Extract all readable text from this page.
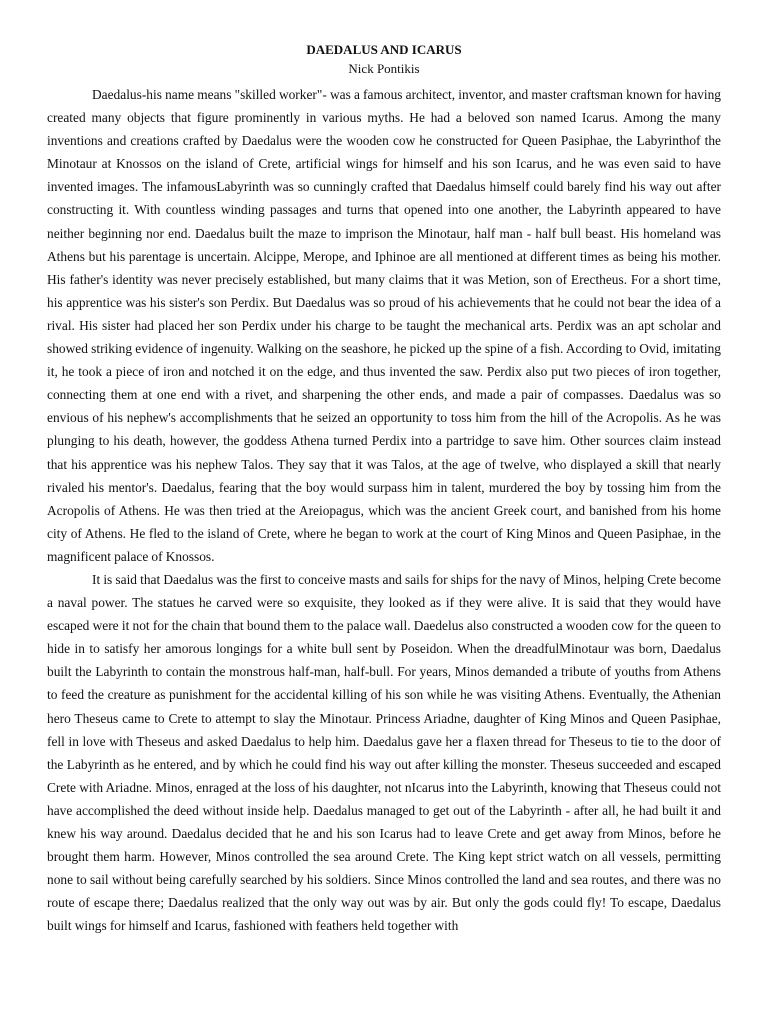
DAEDALUS AND ICARUS
Nick Pontikis

Daedalus-his name means "skilled worker"- was a famous architect, inventor, and master craftsman known for having created many objects that figure prominently in various myths. He had a beloved son named Icarus. Among the many inventions and creations crafted by Daedalus were the wooden cow he constructed for Queen Pasiphae, the Labyrinthof the Minotaur at Knossos on the island of Crete, artificial wings for himself and his son Icarus, and he was even said to have invented images. The infamousLabyrinth was so cunningly crafted that Daedalus himself could barely find his way out after constructing it. With countless winding passages and turns that opened into one another, the Labyrinth appeared to have neither beginning nor end. Daedalus built the maze to imprison the Minotaur, half man - half bull beast. His homeland was Athens but his parentage is uncertain. Alcippe, Merope, and Iphinoe are all mentioned at different times as being his mother. His father's identity was never precisely established, but many claims that it was Metion, son of Erectheus. For a short time, his apprentice was his sister's son Perdix. But Daedalus was so proud of his achievements that he could not bear the idea of a rival. His sister had placed her son Perdix under his charge to be taught the mechanical arts. Perdix was an apt scholar and showed striking evidence of ingenuity. Walking on the seashore, he picked up the spine of a fish. According to Ovid, imitating it, he took a piece of iron and notched it on the edge, and thus invented the saw. Perdix also put two pieces of iron together, connecting them at one end with a rivet, and sharpening the other ends, and made a pair of compasses. Daedalus was so envious of his nephew's accomplishments that he seized an opportunity to toss him from the hill of the Acropolis. As he was plunging to his death, however, the goddess Athena turned Perdix into a partridge to save him. Other sources claim instead that his apprentice was his nephew Talos. They say that it was Talos, at the age of twelve, who displayed a skill that nearly rivaled his mentor's. Daedalus, fearing that the boy would surpass him in talent, murdered the boy by tossing him from the Acropolis of Athens. He was then tried at the Areiopagus, which was the ancient Greek court, and banished from his home city of Athens. He fled to the island of Crete, where he began to work at the court of King Minos and Queen Pasiphae, in the magnificent palace of Knossos.

It is said that Daedalus was the first to conceive masts and sails for ships for the navy of Minos, helping Crete become a naval power. The statues he carved were so exquisite, they looked as if they were alive. It is said that they would have escaped were it not for the chain that bound them to the palace wall. Daedelus also constructed a wooden cow for the queen to hide in to satisfy her amorous longings for a white bull sent by Poseidon. When the dreadfulMinotaur was born, Daedalus built the Labyrinth to contain the monstrous half-man, half-bull. For years, Minos demanded a tribute of youths from Athens to feed the creature as punishment for the accidental killing of his son while he was visiting Athens. Eventually, the Athenian hero Theseus came to Crete to attempt to slay the Minotaur. Princess Ariadne, daughter of King Minos and Queen Pasiphae, fell in love with Theseus and asked Daedalus to help him. Daedalus gave her a flaxen thread for Theseus to tie to the door of the Labyrinth as he entered, and by which he could find his way out after killing the monster. Theseus succeeded and escaped Crete with Ariadne. Minos, enraged at the loss of his daughter, not nIcarus into the Labyrinth, knowing that Theseus could not have accomplished the deed without inside help. Daedalus managed to get out of the Labyrinth - after all, he had built it and knew his way around. Daedalus decided that he and his son Icarus had to leave Crete and get away from Minos, before he brought them harm. However, Minos controlled the sea around Crete. The King kept strict watch on all vessels, permitting none to sail without being carefully searched by his soldiers. Since Minos controlled the land and sea routes, and there was no route of escape there; Daedalus realized that the only way out was by air. But only the gods could fly! To escape, Daedalus built wings for himself and Icarus, fashioned with feathers held together with
